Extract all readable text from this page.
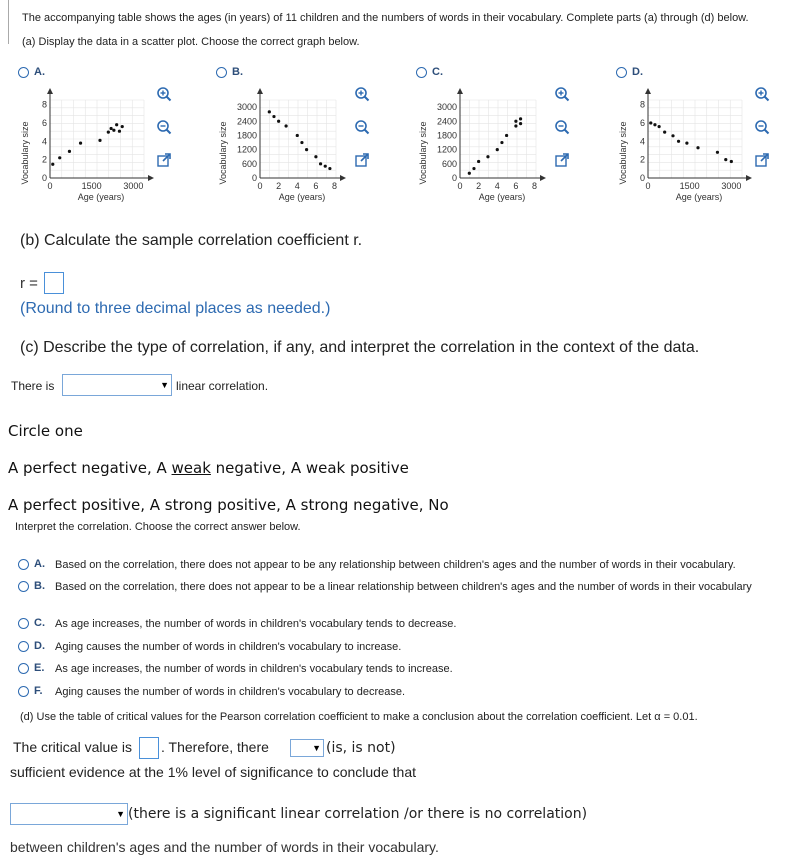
The accompanying table shows the ages (in years) of 11 children and the numbers of words in their vocabulary. Complete parts (a) through (d) below.
(a) Display the data in a scatter plot. Choose the correct graph below.
A.
8
6
4
2
0
0	1500 3000
Age (years)
Vocabulary size
B.
3000
2400
1800
1200
600
0
0 2 4 6 8
Age (years)
Vocabulary size
C.
3000
2400
1800
1200
600
0
0 2 4 6 8
Age (years)
Vocabulary size
D.
8
6
4
2
0
0	1500 3000
Age (years)
Vocabulary size
(b) Calculate the sample correlation coefficient r.
r =
(Round to three decimal places as needed.)
(c) Describe the type of correlation, if any, and interpret the correlation in the context of the data.
There is	▼ linear correlation.
Circle one
A perfect negative, A weak negative, A weak positive
A perfect positive, A strong positive, A strong negative, No
Interpret the correlation. Choose the correct answer below.
A. Based on the correlation, there does not appear to be any relationship between children's ages and the number of words in their vocabulary.
B. Based on the correlation, there does not appear to be a linear relationship between children's ages and the number of words in their vocabulary
C. As age increases, the number of words in children's vocabulary tends to decrease.
D. Aging causes the number of words in children's vocabulary to increase.
E. As age increases, the number of words in children's vocabulary tends to increase.
F. Aging causes the number of words in children's vocabulary to decrease.
(d) Use the table of critical values for the Pearson correlation coefficient to make a conclusion about the correlation coefficient. Let α = 0.01.
The critical value is . Therefore, there	▼ (is, is not)
sufficient evidence at the 1% level of significance to conclude that
▼ (there is a significant linear correlation /or there is no correlation)
between children's ages and the number of words in their vocabulary.
